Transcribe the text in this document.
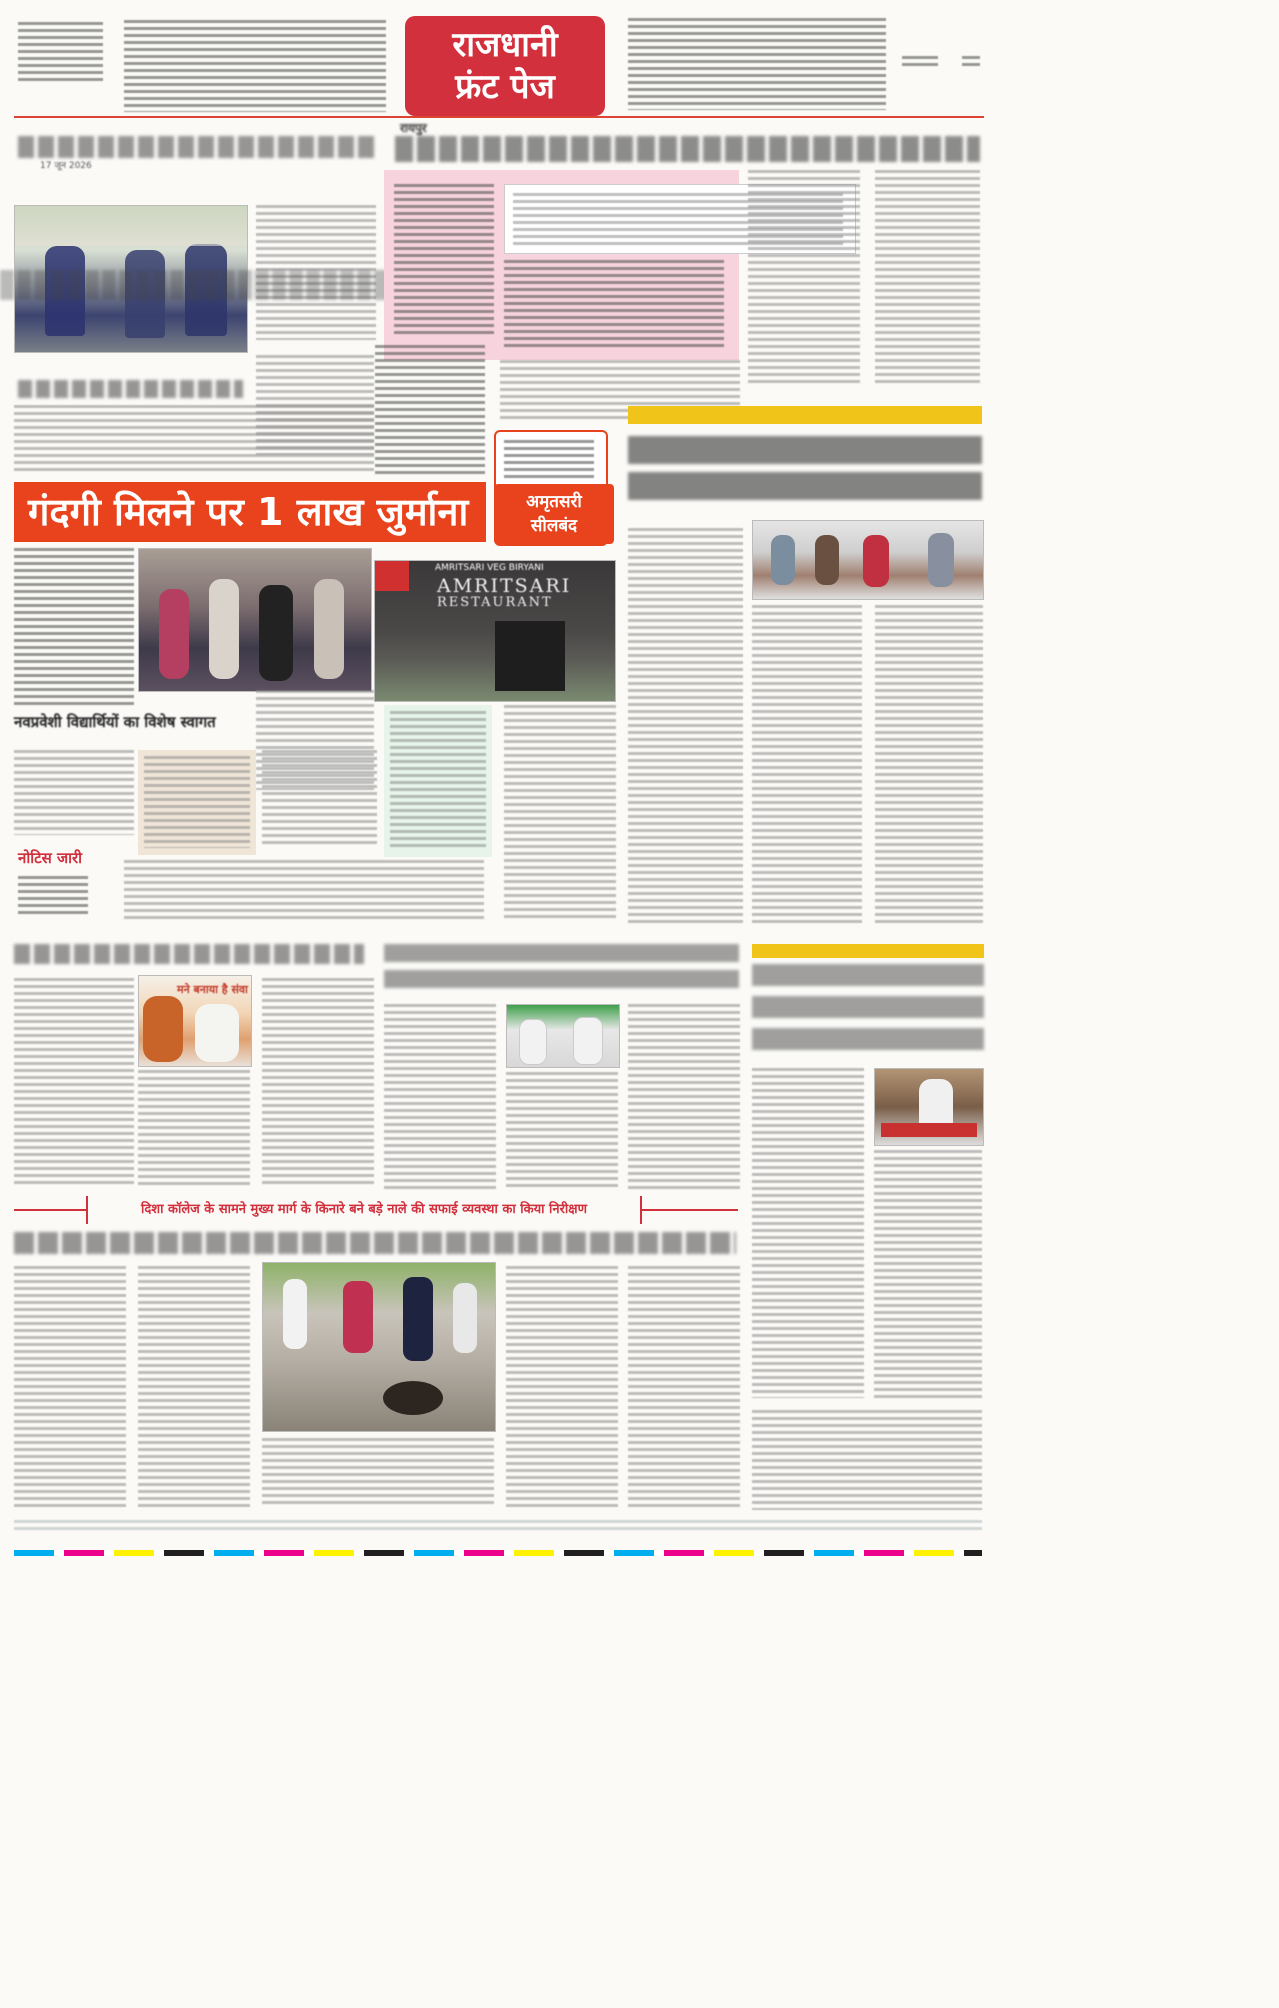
राजधानी
फ्रंट पेज
रायपुर
17 जून 2026
गंदगी मिलने पर 1 लाख जुर्माना	अमृतसरी
सीलबंद
AMRITSARI VEG BIRYANI
AMRITSARI
RESTAURANT
नवप्रवेशी विद्यार्थियों का विशेष स्वागत
नोटिस जारी
मने बनाया है संवा
दिशा कॉलेज के सामने मुख्य मार्ग के किनारे बने बड़े नाले की सफाई व्यवस्था का किया निरीक्षण
